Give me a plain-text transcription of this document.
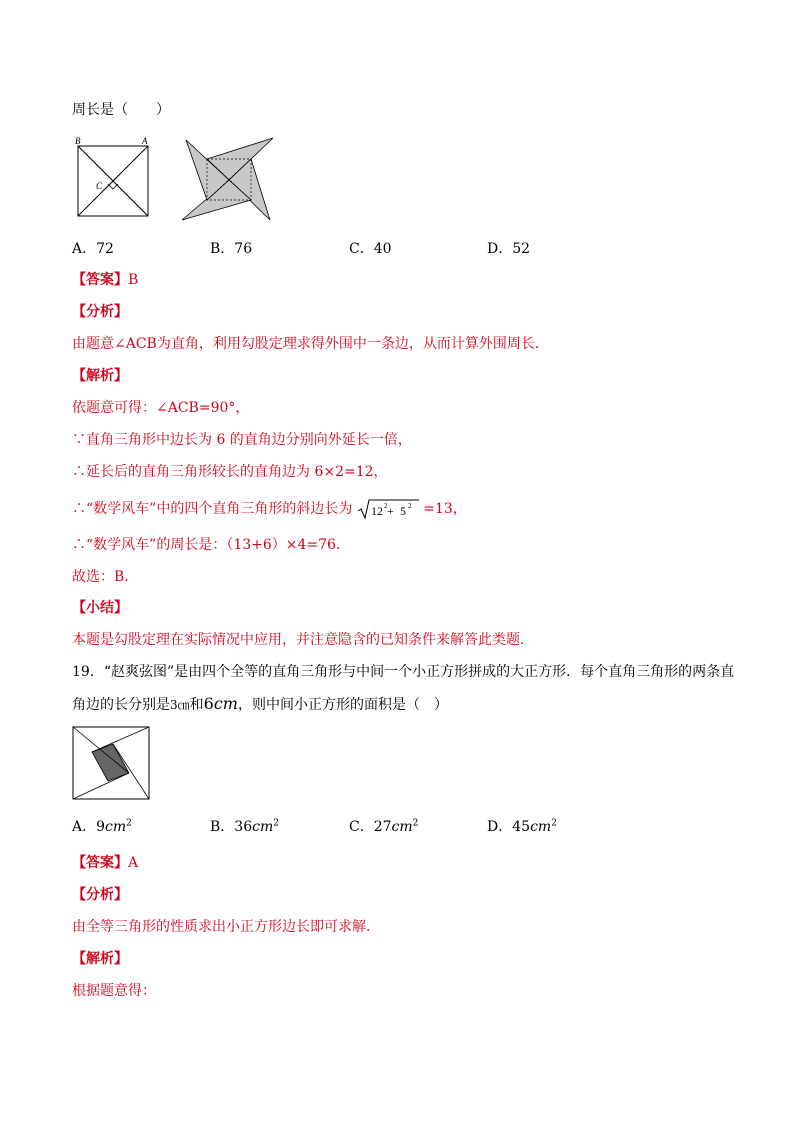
周长是（　　）
B	A
C
A．72	B．76	C．40	D．52
【答案】B
【分析】
由题意∠ACB为直角，利用勾股定理求得外围中一条边，从而计算外围周长．
【解析】
依题意可得：∠ACB=90°，
∵直角三角形中边长为 6 的直角边分别向外延长一倍，
∴延长后的直角三角形较长的直角边为 6×2=12，
∴“数学风车”中的四个直角三角形的斜边长为 12 2 + 5 2 =13，
∴“数学风车”的周长是：（13+6）×4=76．
故选：B．
【小结】
本题是勾股定理在实际情况中应用，并注意隐含的已知条件来解答此类题．
19．“赵爽弦图”是由四个全等的直角三角形与中间一个小正方形拼成的大正方形．每个直角三角形的两条直
角边的长分别是3㎝和6cm，则中间小正方形的面积是（　）
A．$9cm^2$	B．$36cm^2$	C．$27cm^2$	D．$45cm^2$
【答案】A
【分析】
由全等三角形的性质求出小正方形边长即可求解．
【解析】
根据题意得：
